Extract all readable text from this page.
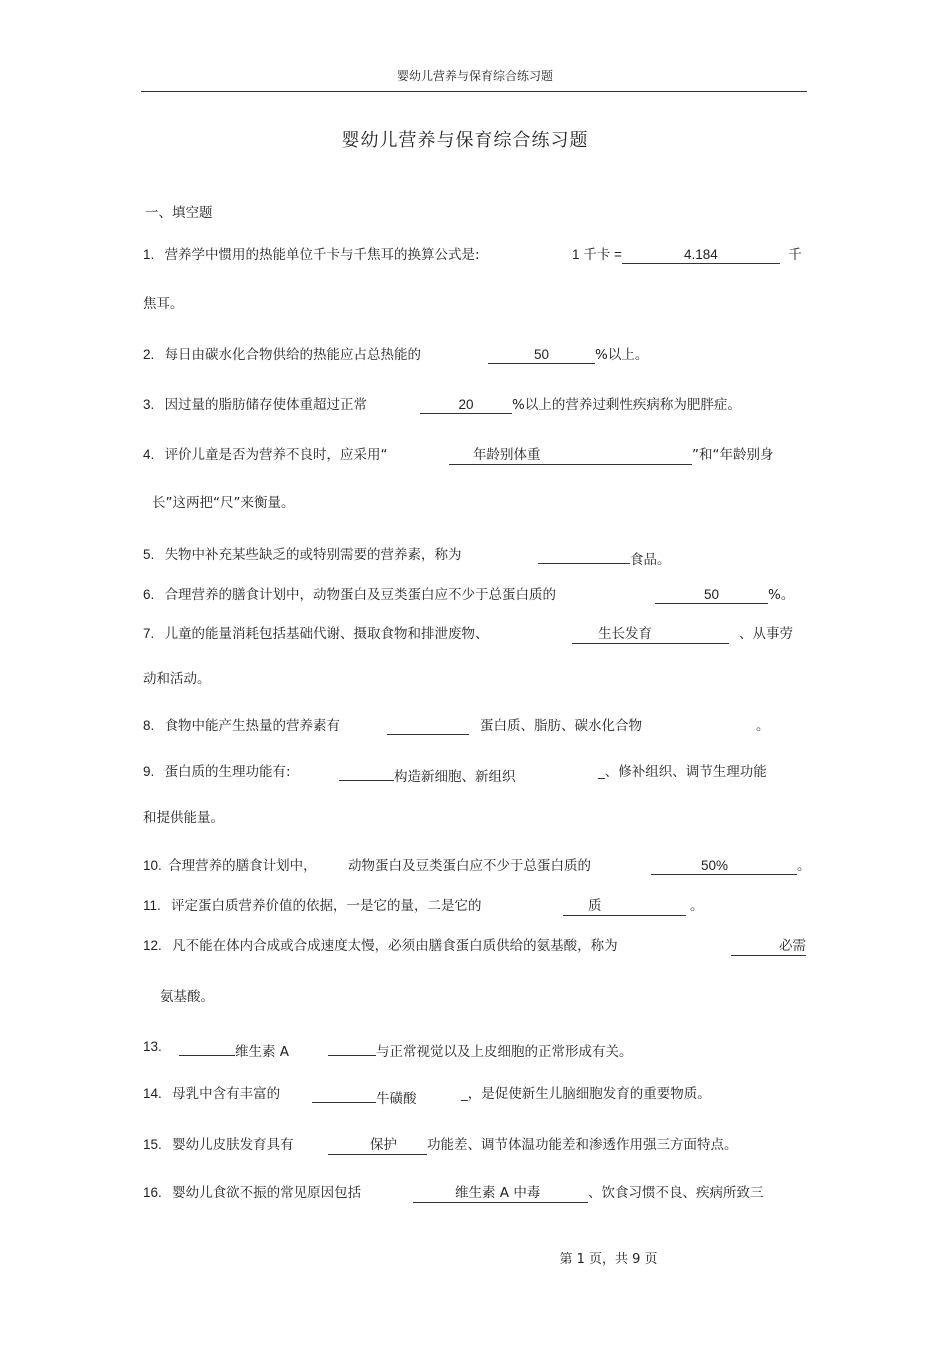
婴幼儿营养与保育综合练习题
婴幼儿营养与保育综合练习题
一、填空题
1. 营养学中惯用的热能单位千卡与千焦耳的换算公式是:	1 千卡 =	4.184	千
焦耳。
2. 每日由碳水化合物供给的热能应占总热能的	50	%以上。
3. 因过量的脂肪储存使体重超过正常	20	%以上的营养过剩性疾病称为肥胖症。
4. 评价儿童是否为营养不良时，应采用“	年龄别体重	”和“年龄别身
长”这两把“尺”来衡量。
5. 失物中补充某些缺乏的或特别需要的营养素，称为	食品。
6. 合理营养的膳食计划中，动物蛋白及豆类蛋白应不少于总蛋白质的	50	%。
7. 儿童的能量消耗包括基础代谢、摄取食物和排泄废物、	生长发育	、从事劳
动和活动。
8. 食物中能产生热量的营养素有	蛋白质、脂肪、碳水化合物	。
9. 蛋白质的生理功能有:	构造新细胞、新组织	_、修补组织、调节生理功能
和提供能量。
10. 合理营养的膳食计划中， 动物蛋白及豆类蛋白应不少于总蛋白质的	50%	。
11. 评定蛋白质营养价值的依据，一是它的量，二是它的	质	。
12. 凡不能在体内合成或合成速度太慢，必须由膳食蛋白质供给的氨基酸，称为	必需
氨基酸。
13.	维生素 A	与正常视觉以及上皮细胞的正常形成有关。
14. 母乳中含有丰富的	牛磺酸	_，是促使新生儿脑细胞发育的重要物质。
15. 婴幼儿皮肤发育具有	保护 功能差、调节体温功能差和渗透作用强三方面特点。
16. 婴幼儿食欲不振的常见原因包括	维生素 A 中毒	、饮食习惯不良、疾病所致三
第 1 页，共 9 页
